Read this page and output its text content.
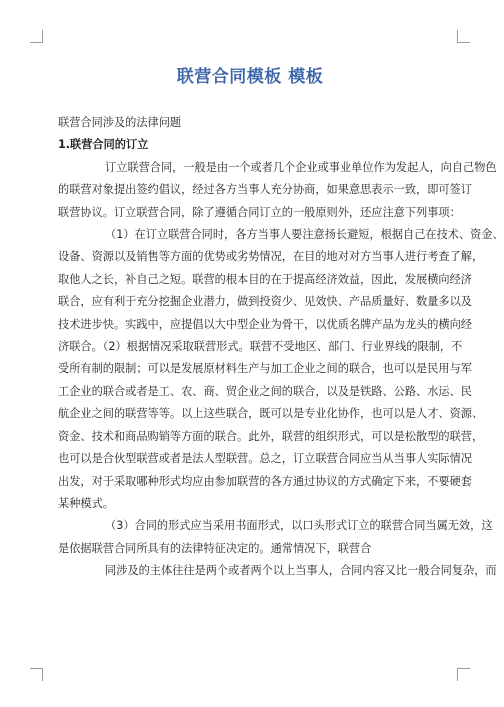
联营合同模板 模板
联营合同涉及的法律问题
1.联营合同的订立
订立联营合同，一般是由一个或者几个企业或事业单位作为发起人，向自己物色
的联营对象提出签约倡议，经过各方当事人充分协商，如果意思表示一致，即可签订
联营协议。订立联营合同，除了遵循合同订立的一般原则外，还应注意下列事项：
（1）在订立联营合同时，各方当事人要注意扬长避短，根据自己在技术、资金、
设备、资源以及销售等方面的优势或劣势情况，在目的地对对方当事人进行考查了解，
取他人之长，补自己之短。联营的根本目的在于提高经济效益，因此，发展横向经济
联合，应有利于充分挖掘企业潜力，做到投资少、见效快、产品质量好、数量多以及
技术进步快。实践中，应提倡以大中型企业为骨干，以优质名牌产品为龙头的横向经
济联合。（2）根据情况采取联营形式。联营不受地区、部门、行业界线的限制，不
受所有制的限制；可以是发展原材料生产与加工企业之间的联合，也可以是民用与军
工企业的联合或者是工、农、商、贸企业之间的联合，以及是铁路、公路、水运、民
航企业之间的联营等等。以上这些联合，既可以是专业化协作，也可以是人才、资源、
资金、技术和商品购销等方面的联合。此外，联营的组织形式，可以是松散型的联营，
也可以是合伙型联营或者是法人型联营。总之，订立联营合同应当从当事人实际情况
出发，对于采取哪种形式均应由参加联营的各方通过协议的方式确定下来，不要硬套
某种模式。
（3）合同的形式应当采用书面形式，以口头形式订立的联营合同当属无效，这
是依据联营合同所具有的法律特征决定的。通常情况下，联营合
同涉及的主体往往是两个或者两个以上当事人，合同内容又比一般合同复杂，而
